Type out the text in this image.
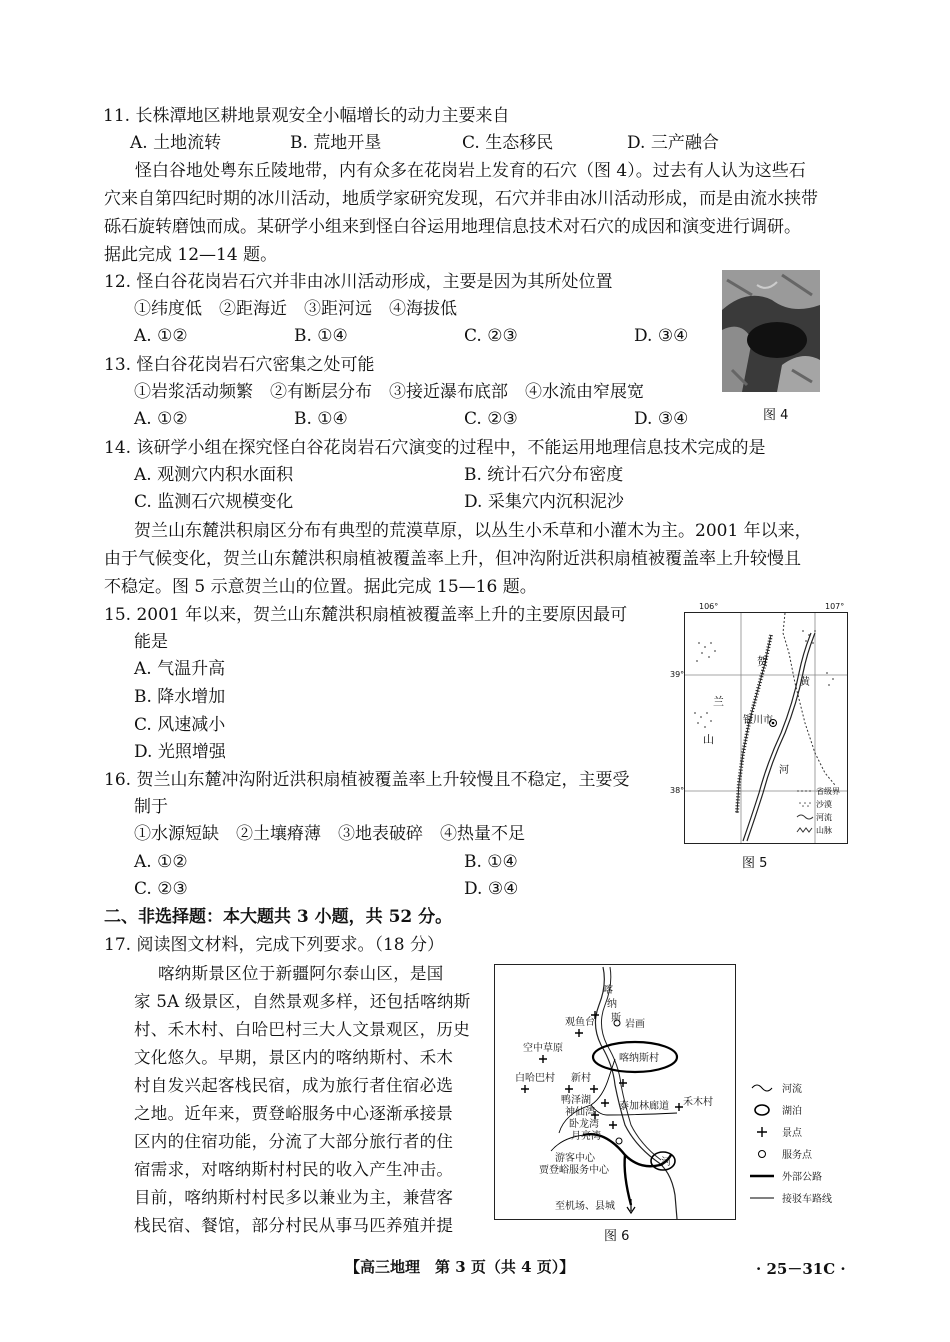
11. 长株潭地区耕地景观安全小幅增长的动力主要来自
A. 土地流转	B. 荒地开垦	C. 生态移民	D. 三产融合
怪白谷地处粤东丘陵地带，内有众多在花岗岩上发育的石穴（图 4）。过去有人认为这些石
穴来自第四纪时期的冰川活动，地质学家研究发现，石穴并非由冰川活动形成，而是由流水挟带
砾石旋转磨蚀而成。某研学小组来到怪白谷运用地理信息技术对石穴的成因和演变进行调研。
据此完成 12—14 题。
12. 怪白谷花岗岩石穴并非由冰川活动形成，主要是因为其所处位置
①纬度低　②距海近　③距河远　④海拔低
A. ①②	B. ①④	C. ②③	D. ③④
13. 怪白谷花岗岩石穴密集之处可能
①岩浆活动频繁　②有断层分布　③接近瀑布底部　④水流由窄展宽
A. ①②	B. ①④	C. ②③	D. ③④	图 4
14. 该研学小组在探究怪白谷花岗岩石穴演变的过程中，不能运用地理信息技术完成的是
A. 观测穴内积水面积	B. 统计石穴分布密度
C. 监测石穴规模变化	D. 采集穴内沉积泥沙
贺兰山东麓洪积扇区分布有典型的荒漠草原，以丛生小禾草和小灌木为主。2001 年以来，
由于气候变化，贺兰山东麓洪积扇植被覆盖率上升，但冲沟附近洪积扇植被覆盖率上升较慢且
不稳定。图 5 示意贺兰山的位置。据此完成 15—16 题。
15. 2001 年以来，贺兰山东麓洪积扇植被覆盖率上升的主要原因最可
能是
A. 气温升高
B. 降水增加
C. 风速减小
D. 光照增强
16. 贺兰山东麓冲沟附近洪积扇植被覆盖率上升较慢且不稳定，主要受
制于
①水源短缺　②土壤瘠薄　③地表破碎　④热量不足
A. ①②	B. ①④
C. ②③	D. ③④
银川市
贺
兰
山
黄
河
省级界
沙漠
河流
山脉
106°	107°
39°
38°
图 5
二、非选择题：本大题共 3 小题，共 52 分。
17. 阅读图文材料，完成下列要求。（18 分）
喀纳斯景区位于新疆阿尔泰山区，是国
家 5A 级景区，自然景观多样，还包括喀纳斯
村、禾木村、白哈巴村三大人文景观区，历史
文化悠久。早期，景区内的喀纳斯村、禾木
村自发兴起客栈民宿，成为旅行者住宿必选
之地。近年来，贾登峪服务中心逐渐承接景
区内的住宿功能，分流了大部分旅行者的住
宿需求，对喀纳斯村村民的收入产生冲击。
目前，喀纳斯村村民多以兼业为主，兼营客
栈民宿、餐馆，部分村民从事马匹养殖并提
喀
纳
斯
河
岩画
观鱼台
空中草原
喀纳斯村
白哈巴村 新村
鸭泽湖
神仙湾
卧龙湾
月亮湾
泰加林廊道 禾木村
游客中心
贾登峪服务中心
至机场、县城
图 6
河流
湖泊
景点
服务点
外部公路
接驳车路线
【高三地理　第 3 页（共 4 页）】	· 25－31C ·
